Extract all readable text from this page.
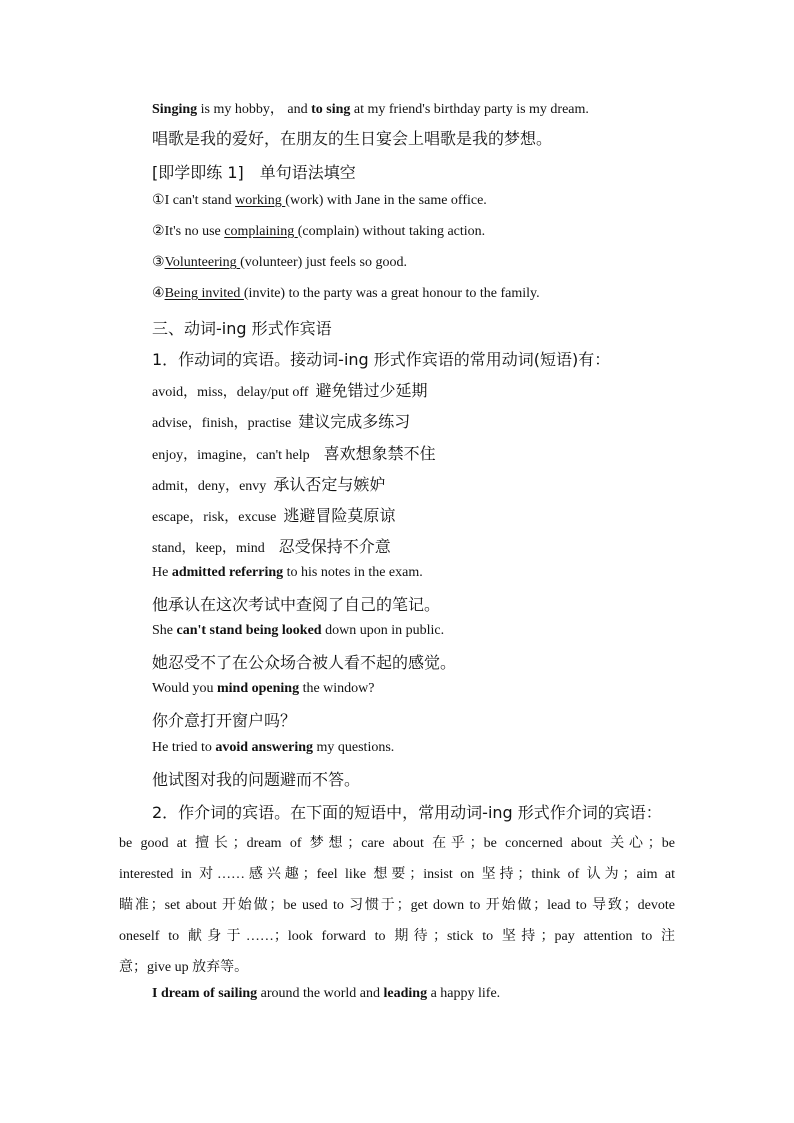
Singing is my hobby， and to sing at my friend's birthday party is my dream.
唱歌是我的爱好，在朋友的生日宴会上唱歌是我的梦想。
[即学即练 1]　单句语法填空
①I can't stand working (work) with Jane in the same office.
②It's no use complaining (complain) without taking action.
③Volunteering (volunteer) just feels so good.
④Being invited (invite) to the party was a great honour to the family.
三、动词-ing 形式作宾语
1．作动词的宾语。接动词-ing 形式作宾语的常用动词(短语)有：
avoid，miss，delay/put off 避免错过少延期
advise，finish，practise 建议完成多练习
enjoy，imagine，can't help 喜欢想象禁不住
admit，deny，envy 承认否定与嫉妒
escape，risk，excuse 逃避冒险莫原谅
stand，keep，mind 忍受保持不介意
He admitted referring to his notes in the exam.
他承认在这次考试中查阅了自己的笔记。
She can't stand being looked down upon in public.
她忍受不了在公众场合被人看不起的感觉。
Would you mind opening the window?
你介意打开窗户吗？
He tried to avoid answering my questions.
他试图对我的问题避而不答。
2．作介词的宾语。在下面的短语中，常用动词-ing 形式作介词的宾语：
be good at 擅长；dream of 梦想；care about 在乎；be concerned about 关心；be
interested in 对……感兴趣；feel like 想要；insist on 坚持；think of 认为；aim at
瞄准；set about 开始做；be used to 习惯于；get down to 开始做；lead to 导致；devote
oneself to 献身于……；look forward to 期待；stick to 坚持；pay attention to 注
意；give up 放弃等。
I dream of sailing around the world and leading a happy life.
